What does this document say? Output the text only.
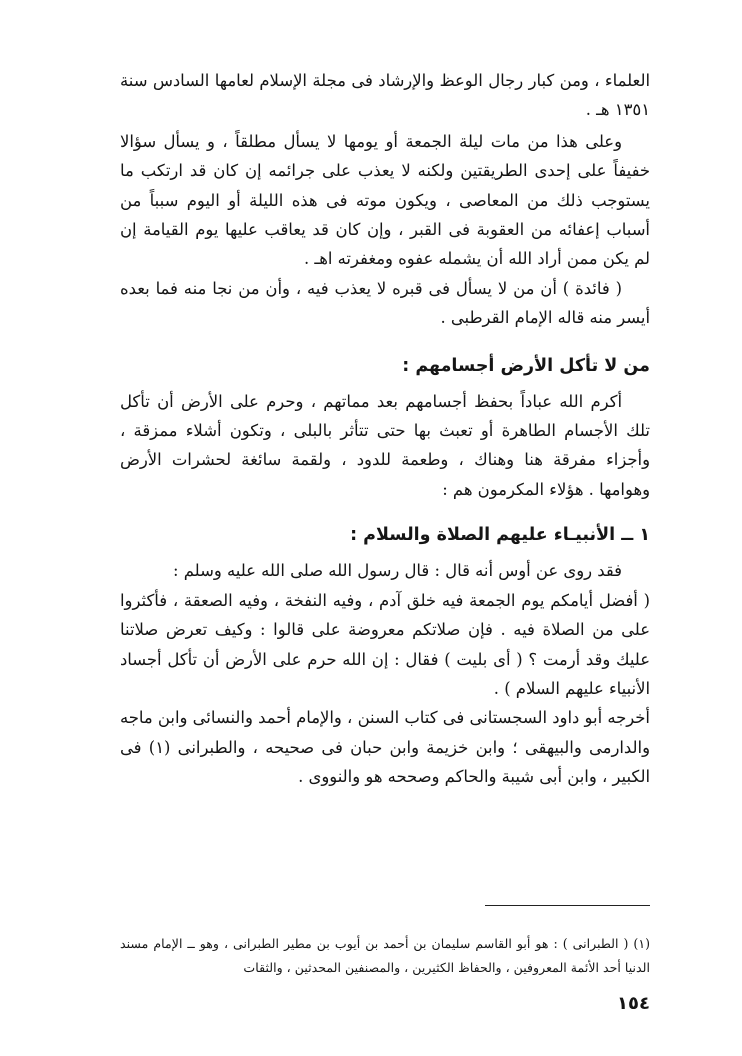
العلماء ، ومن كبار رجال الوعظ والإرشاد فى مجلة الإسلام لعامها السادس سنة ١٣٥١ هـ .

وعلى هذا من مات ليلة الجمعة أو يومها لا يسأل مطلقاً ، و يسأل سؤالا خفيفاً على إحدى الطريقتين ولكنه لا يعذب على جرائمه إن كان قد ارتكب ما يستوجب ذلك من المعاصى ، ويكون موته فى هذه الليلة أو اليوم سبباً من أسباب إعفائه من العقوبة فى القبر ، وإن كان قد يعاقب عليها يوم القيامة إن لم يكن ممن أراد الله أن يشمله عفوه ومغفرته اهـ .

( فائدة ) أن من لا يسأل فى قبره لا يعذب فيه ، وأن من نجا منه فما بعده أيسر منه قاله الإمام القرطبى .

من لا تأكل الأرض أجسامهم :

أكرم الله عباداً بحفظ أجسامهم بعد مماتهم ، وحرم على الأرض أن تأكل تلك الأجسام الطاهرة أو تعبث بها حتى تتأثر بالبلى ، وتكون أشلاء ممزقة ، وأجزاء مفرقة هنا وهناك ، وطعمة للدود ، ولقمة سائغة لحشرات الأرض وهوامها . هؤلاء المكرمون هم :

١ ــ الأنبيـاء عليهم الصلاة والسلام :

فقد روى عن أوس أنه قال : قال رسول الله صلى الله عليه وسلم :

( أفضل أيامكم يوم الجمعة فيه خلق آدم ، وفيه النفخة ، وفيه الصعقة ، فأكثروا على من الصلاة فيه . فإن صلاتكم معروضة على قالوا : وكيف تعرض صلاتنا عليك وقد أرمت ؟ ( أى بليت ) فقال : إن الله حرم على الأرض أن تأكل أجساد الأنبياء عليهم السلام ) .

أخرجه أبو داود السجستانى فى كتاب السنن ، والإمام أحمد والنسائى وابن ماجه والدارمى والبيهقى ؛ وابن خزيمة وابن حبان فى صحيحه ، والطبرانى (١) فى الكبير ، وابن أبى شيبة والحاكم وصححه هو والنووى .

(١) ( الطبرانى ) : هو أبو القاسم سليمان بن أحمد بن أيوب بن مطير الطبرانى ، وهو ــ الإمام مسند الدنيا أحد الأئمة المعروفين ، والحفاظ الكثيرين ، والمصنفين المحدثين ، والثقات

١٥٤
